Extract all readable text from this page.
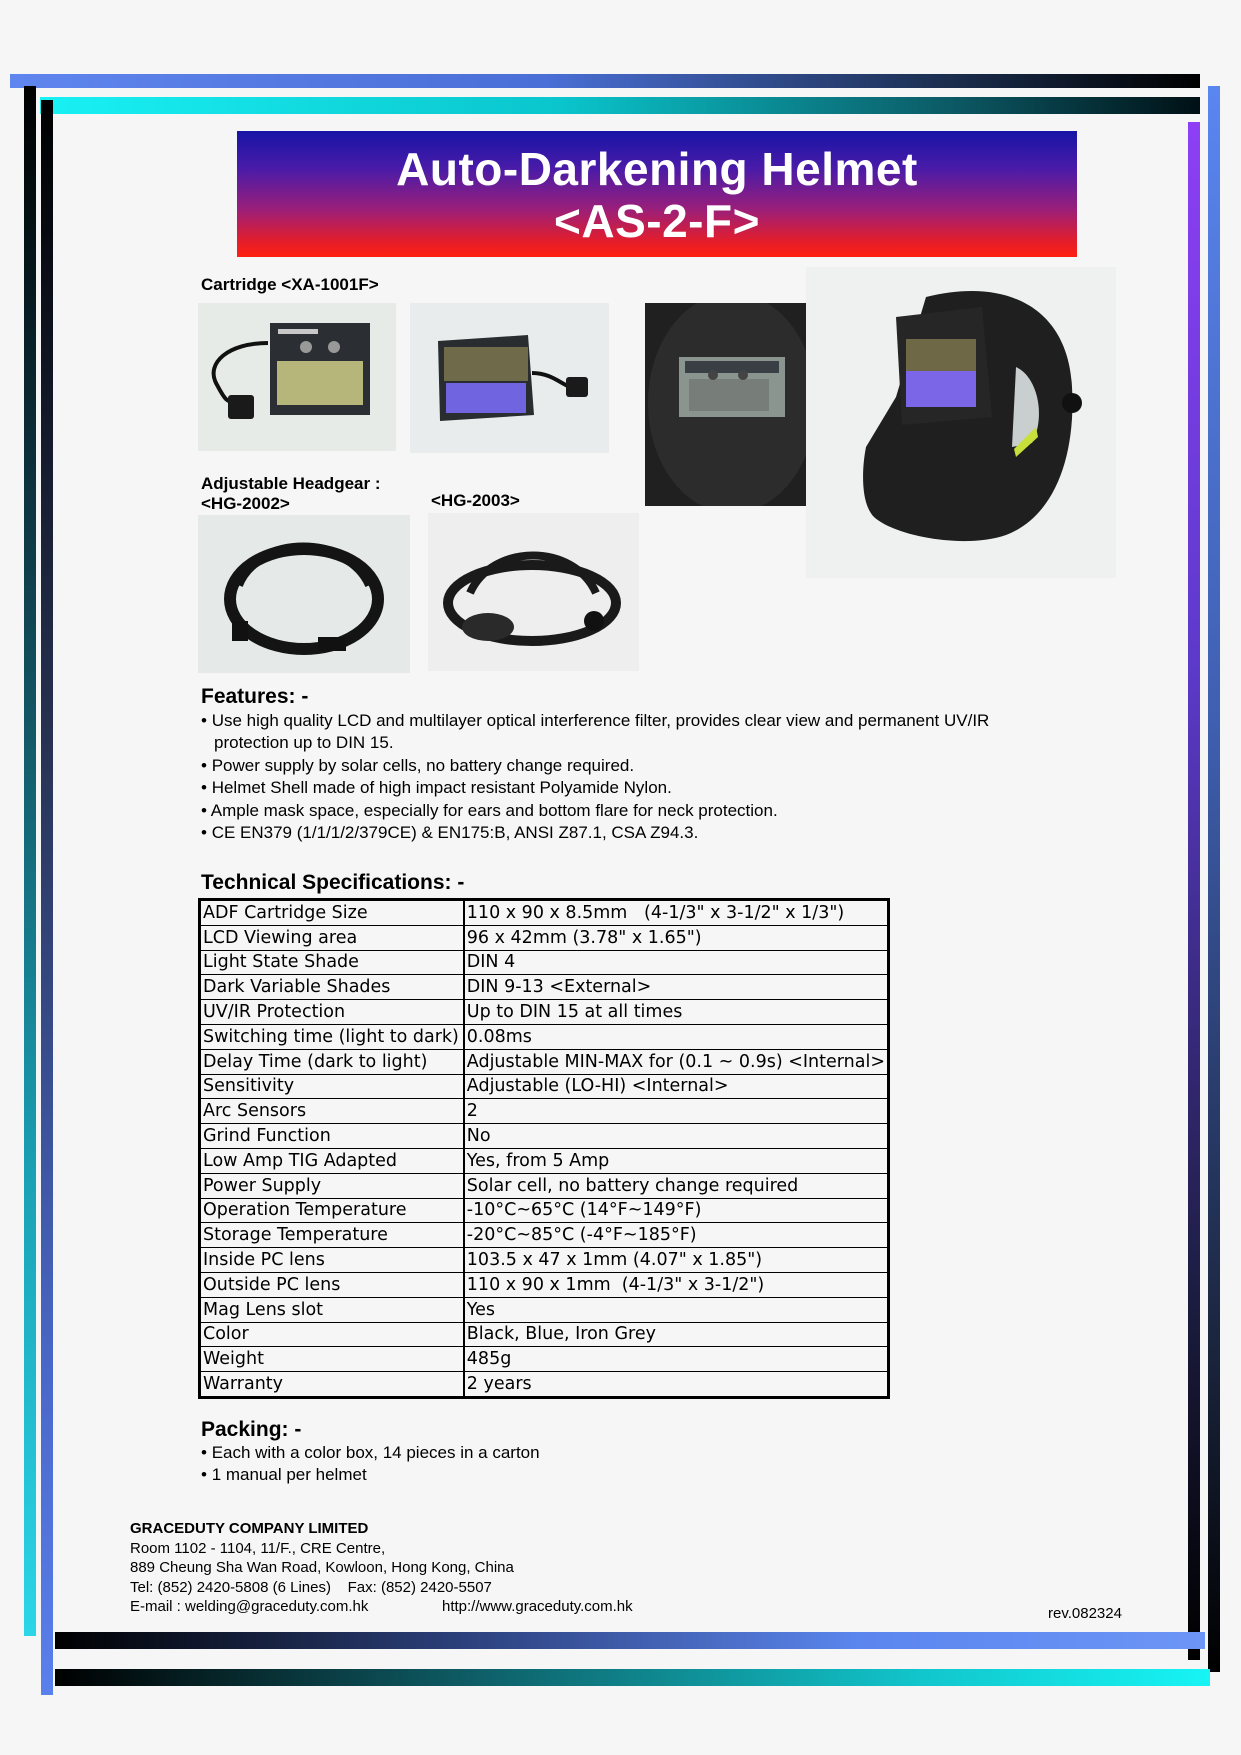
Auto-Darkening Helmet
<AS-2-F>
Cartridge <XA-1001F>
Adjustable Headgear :
<HG-2002>	<HG-2003>
Features: -
• Use high quality LCD and multilayer optical interference filter, provides clear view and permanent UV/IR protection up to DIN 15.
• Power supply by solar cells, no battery change required.
• Helmet Shell made of high impact resistant Polyamide Nylon.
• Ample mask space, especially for ears and bottom flare for neck protection.
• CE EN379 (1/1/1/2/379CE) & EN175:B, ANSI Z87.1, CSA Z94.3.
Technical Specifications: -
ADF Cartridge Size	110 x 90 x 8.5mm   (4-1/3" x 3-1/2" x 1/3")
LCD Viewing area	96 x 42mm (3.78" x 1.65")
Light State Shade	DIN 4
Dark Variable Shades	DIN 9-13 <External>
UV/IR Protection	Up to DIN 15 at all times
Switching time (light to dark)	0.08ms
Delay Time (dark to light)	Adjustable MIN-MAX for (0.1 ~ 0.9s) <Internal>
Sensitivity	Adjustable (LO-HI) <Internal>
Arc Sensors	2
Grind Function	No
Low Amp TIG Adapted	Yes, from 5 Amp
Power Supply	Solar cell, no battery change required
Operation Temperature	-10°C~65°C (14°F~149°F)
Storage Temperature	-20°C~85°C (-4°F~185°F)
Inside PC lens	103.5 x 47 x 1mm (4.07" x 1.85")
Outside PC lens	110 x 90 x 1mm  (4-1/3" x 3-1/2")
Mag Lens slot	Yes
Color	Black, Blue, Iron Grey
Weight	485g
Warranty	2 years
Packing: -
• Each with a color box, 14 pieces in a carton
• 1 manual per helmet
GRACEDUTY COMPANY LIMITED
Room 1102 - 1104, 11/F., CRE Centre,
889 Cheung Sha Wan Road, Kowloon, Hong Kong, China
Tel: (852) 2420-5808 (6 Lines)    Fax: (852) 2420-5507
E-mail : welding@graceduty.com.hk	http://www.graceduty.com.hk	rev.082324
